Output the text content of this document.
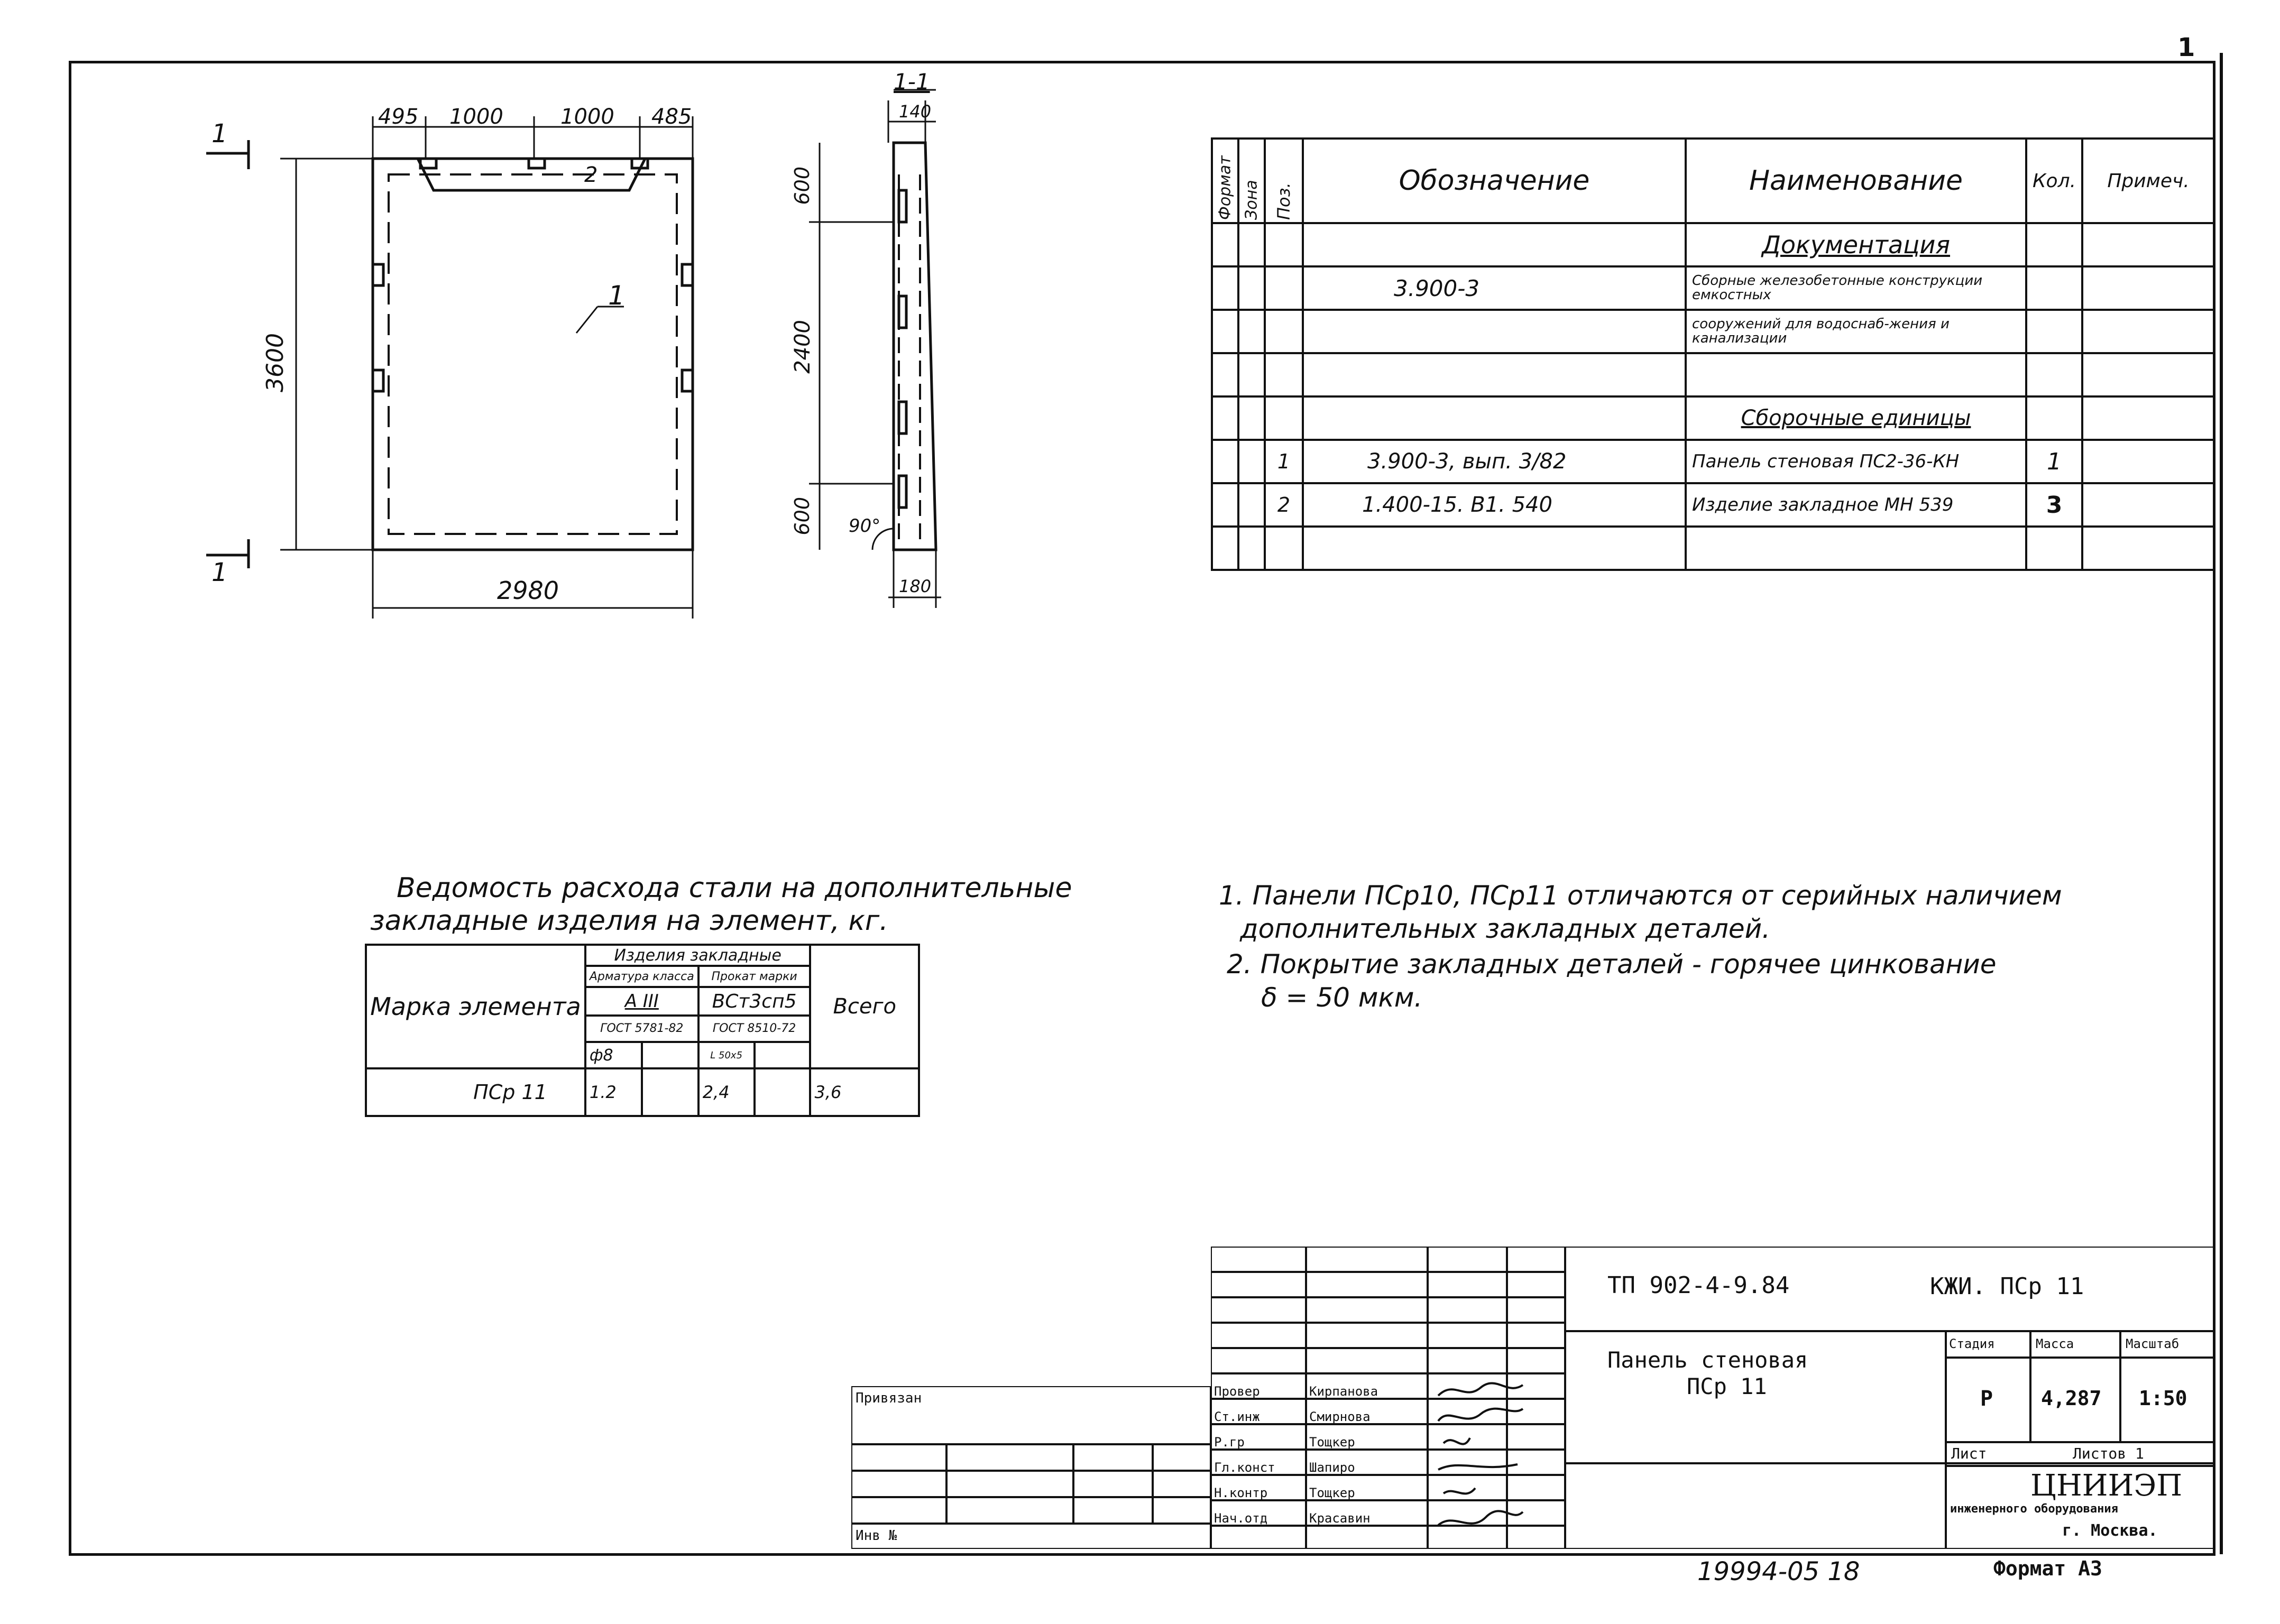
1
495 1000	1000 485
3600
2980
1
2
1
1
1-1
140
180
600
2400
600 90°
Формат	Зона	Поз.	Обозначение	Наименование	Кол.	Примеч.
				Документация		
			3.900-3	Сборные железобетонные конструкции емкостных		
				сооружений для водоснаб-жения и канализации		

				Сборочные единицы		
		1	3.900-3, вып. 3/82	Панель стеновая ПС2-36-КН	1	
		2	1.400-15. В1. 540	Изделие закладное МН 539	3	

Ведомость расхода стали на дополнительные
закладные изделия на элемент, кг.
Марка элемента	Изделия закладные				Всего
	Арматура класса		Прокат марки		
	А III		ВСт3сп5		
	ГОСТ 5781-82		ГОСТ 8510-72		
	ф8		L 50x5		
ПСр 11	1.2		2,4		3,6
1. Панели ПСр10, ПСр11 отличаются от серийных наличием
дополнительных закладных деталей.
2. Покрытие закладных деталей - горячее цинкование
δ = 50 мкм.
Провер	Кирпанова
Ст.инж	Смирнова
Р.гр	Тощкер
Гл.конст	Шапиро
Н.контр	Тощкер
Нач.отд	Красавин
Привязан
Инв №
ТП 902-4-9.84	КЖИ. ПСр 11
Панель стеновая
ПСр 11
Стадия	Масса	Масштаб
Р 4,287 1:50
Лист	Листов 1
ЦНИИЭП
инженерного оборудования
г. Москва.
19994-05 18	Формат А3
